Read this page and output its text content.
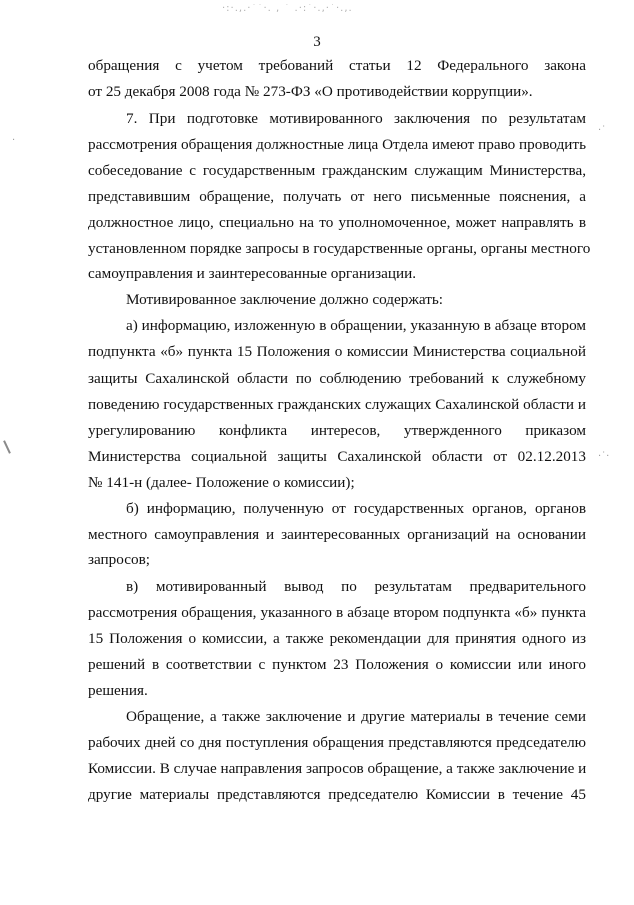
·:·.,.·˙˙·. , ˙ .·:˙·.,·˙·.,.
·˙
·˙·
·
3
обращения с учетом требований статьи 12 Федерального закона
от 25 декабря 2008 года № 273-ФЗ «О противодействии коррупции».
7. При подготовке мотивированного заключения по результатам
рассмотрения обращения должностные лица Отдела имеют право проводить
собеседование с государственным гражданским служащим Министерства,
представившим обращение, получать от него письменные пояснения, а
должностное лицо, специально на то уполномоченное, может направлять в
установленном порядке запросы в государственные органы, органы местного
самоуправления и заинтересованные организации.
Мотивированное заключение должно содержать:
а) информацию, изложенную в обращении, указанную в абзаце втором
подпункта «б» пункта 15 Положения о комиссии Министерства социальной
защиты Сахалинской области по соблюдению требований к служебному
поведению государственных гражданских служащих Сахалинской области и
урегулированию конфликта интересов, утвержденного приказом
Министерства социальной защиты Сахалинской области от 02.12.2013
№ 141-н (далее- Положение о комиссии);
б) информацию, полученную от государственных органов, органов
местного самоуправления и заинтересованных организаций на основании
запросов;
в) мотивированный вывод по результатам предварительного
рассмотрения обращения, указанного в абзаце втором подпункта «б» пункта
15 Положения о комиссии, а также рекомендации для принятия одного из
решений в соответствии с пунктом 23 Положения о комиссии или иного
решения.
Обращение, а также заключение и другие материалы в течение семи
рабочих дней со дня поступления обращения представляются председателю
Комиссии. В случае направления запросов обращение, а также заключение и
другие материалы представляются председателю Комиссии в течение 45
